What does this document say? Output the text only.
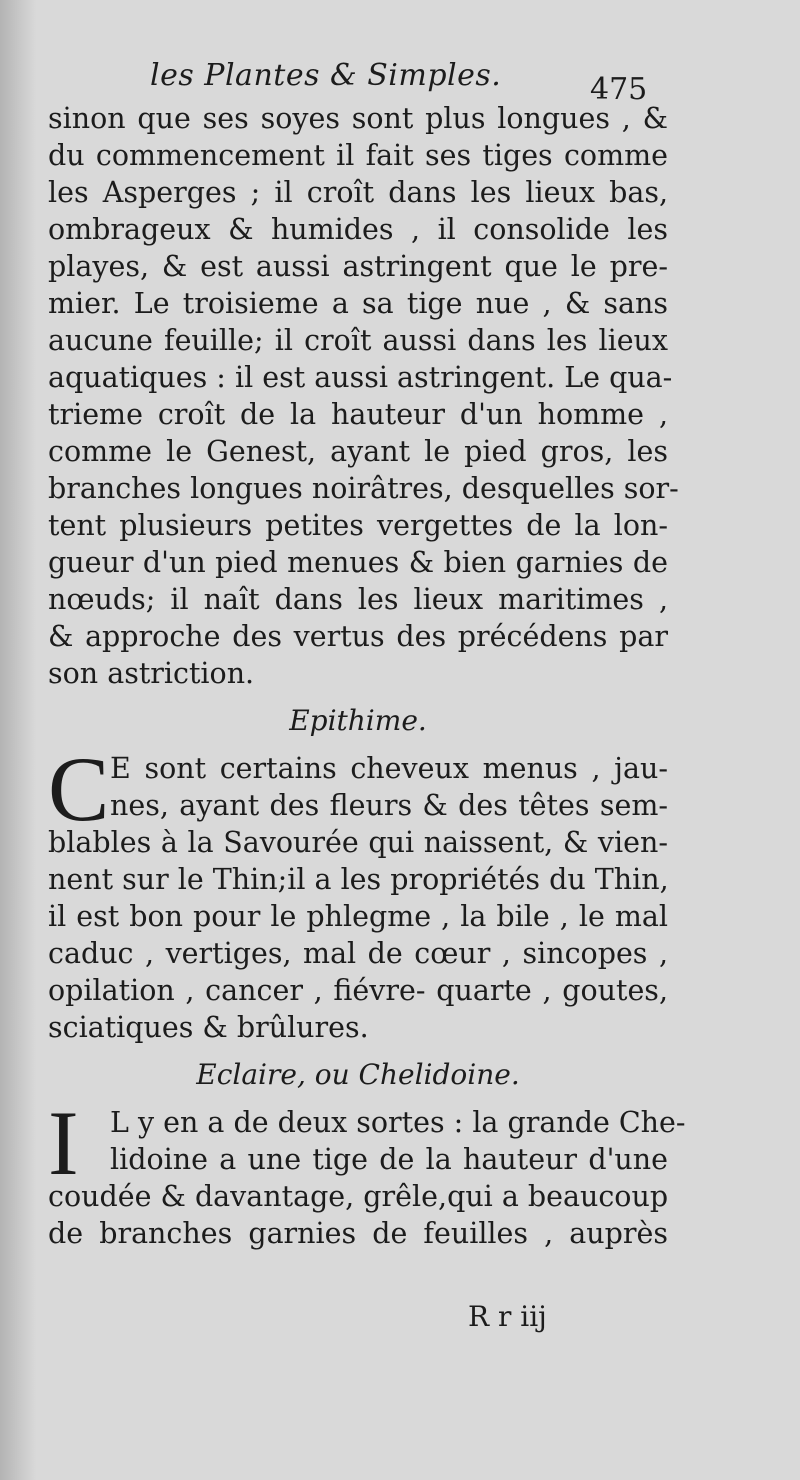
les Plantes & Simples.	475
sinon que ses soyes sont plus longues , &
du commencement il fait ses tiges comme
les Asperges ; il croît dans les lieux bas,
ombrageux & humides , il consolide les
playes, & est aussi astringent que le pre-
mier. Le troisieme a sa tige nue , & sans
aucune feuille; il croît aussi dans les lieux
aquatiques : il est aussi astringent. Le qua-
trieme croît de la hauteur d'un homme ,
comme le Genest, ayant le pied gros, les
branches longues noirâtres, desquelles sor-
tent plusieurs petites vergettes de la lon-
gueur d'un pied menues & bien garnies de
nœuds; il naît dans les lieux maritimes ,
& approche des vertus des précédens par
son astriction.
Epithime.
C E sont certains cheveux menus , jau-
nes, ayant des fleurs & des têtes sem-
blables à la Savourée qui naissent, & vien-
nent sur le Thin;il a les propriétés du Thin,
il est bon pour le phlegme , la bile , le mal
caduc , vertiges, mal de cœur , sincopes ,
opilation , cancer , fiévre- quarte , goutes,
sciatiques & brûlures.
Eclaire, ou Chelidoine.
I	L y en a de deux sortes : la grande Che-
lidoine a une tige de la hauteur d'une
coudée & davantage, grêle,qui a beaucoup
de branches garnies de feuilles , auprès
R r iij
